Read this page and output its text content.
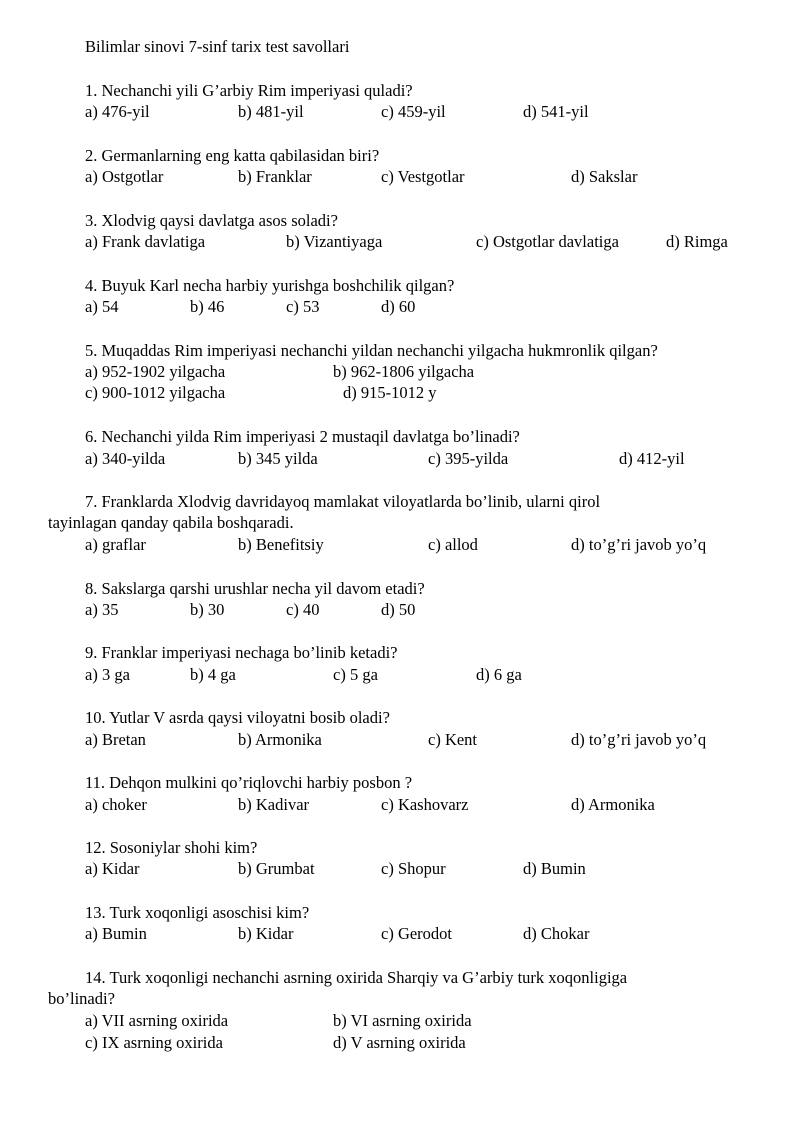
Bilimlar sinovi 7-sinf tarix test savollari
1. Nechanchi yili G’arbiy Rim imperiyasi quladi?
a) 476-yil	b) 481-yil	c) 459-yil	d) 541-yil
2. Germanlarning eng katta qabilasidan biri?
a) Ostgotlar	b) Franklar	c) Vestgotlar	d) Sakslar
3. Xlodvig qaysi davlatga asos soladi?
a) Frank davlatiga	b) Vizantiyaga	c) Ostgotlar davlatiga	d) Rimga
4. Buyuk Karl necha harbiy yurishga boshchilik qilgan?
a) 54	b) 46	c) 53	d) 60
5. Muqaddas Rim imperiyasi nechanchi yildan nechanchi yilgacha hukmronlik qilgan?
a) 952-1902 yilgacha	b) 962-1806 yilgacha
c) 900-1012 yilgacha	d) 915-1012 y
6. Nechanchi yilda Rim imperiyasi 2 mustaqil davlatga bo’linadi?
a) 340-yilda	b) 345 yilda	c) 395-yilda	d) 412-yil
7. Franklarda Xlodvig davridayoq mamlakat viloyatlarda bo’linib, ularni qirol
tayinlagan qanday qabila boshqaradi.
a) graflar	b) Benefitsiy	c) allod	d) to’g’ri javob yo’q
8. Sakslarga qarshi urushlar necha yil davom etadi?
a) 35	b) 30	c) 40	d) 50
9. Franklar imperiyasi nechaga bo’linib ketadi?
a) 3 ga	b) 4 ga	c) 5 ga	d) 6 ga
10. Yutlar V asrda qaysi viloyatni bosib oladi?
a) Bretan	b) Armonika	c) Kent	d) to’g’ri javob yo’q
11. Dehqon mulkini qo’riqlovchi harbiy posbon ?
a) choker	b) Kadivar	c) Kashovarz	d) Armonika
12. Sosoniylar shohi kim?
a) Kidar	b) Grumbat	c) Shopur	d) Bumin
13. Turk xoqonligi asoschisi kim?
a) Bumin	b) Kidar	c) Gerodot	d) Chokar
14. Turk xoqonligi nechanchi asrning oxirida Sharqiy va G’arbiy turk xoqonligiga
bo’linadi?
a) VII asrning oxirida	b) VI asrning oxirida
c) IX asrning oxirida	d) V asrning oxirida
